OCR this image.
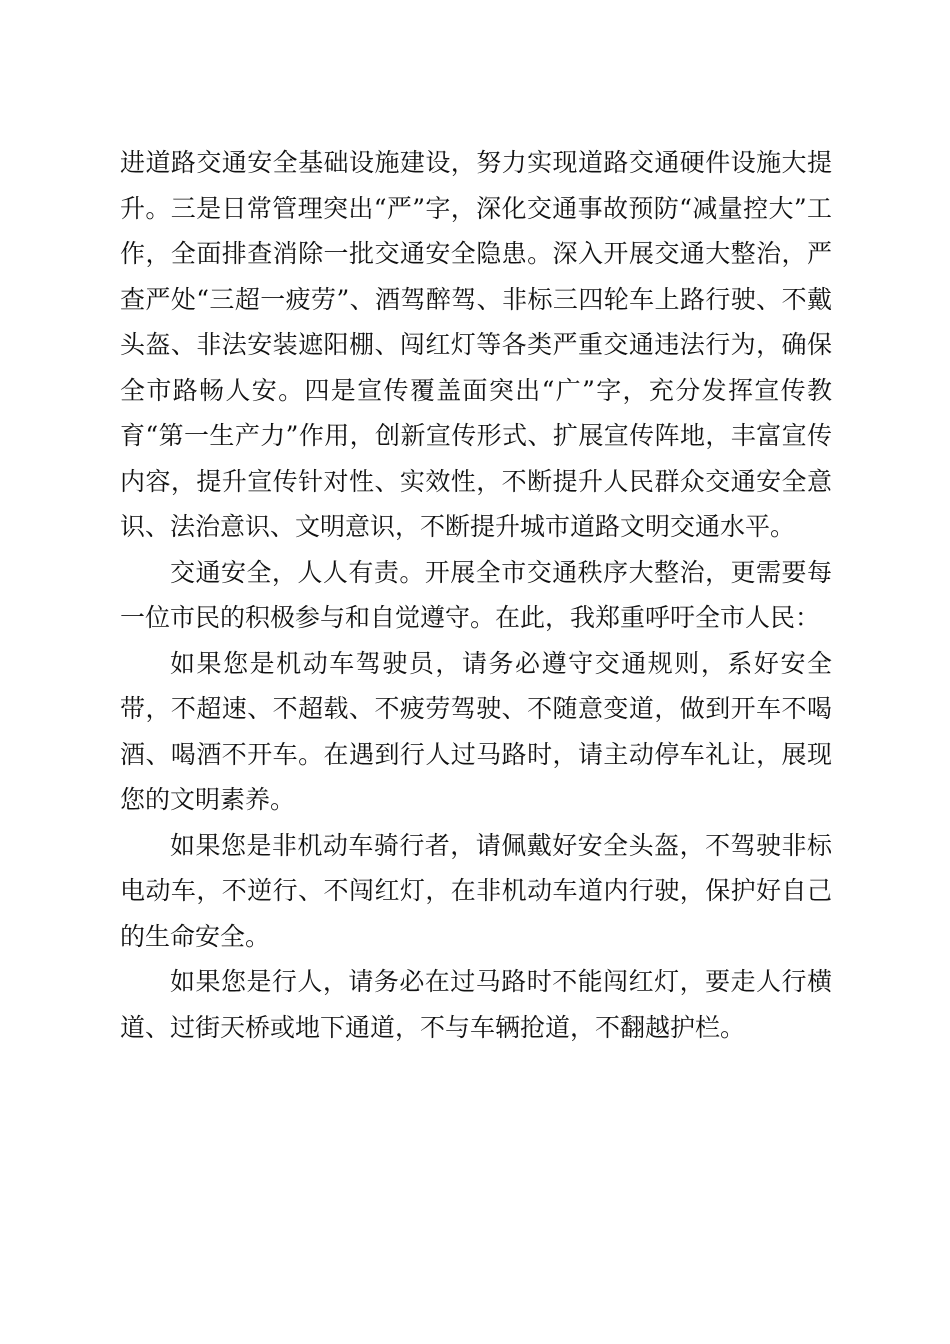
进道路交通安全基础设施建设，努力实现道路交通硬件设施大提升。三是日常管理突出“严”字，深化交通事故预防“减量控大”工作，全面排查消除一批交通安全隐患。深入开展交通大整治，严查严处“三超一疲劳”、酒驾醉驾、非标三四轮车上路行驶、不戴头盔、非法安装遮阳棚、闯红灯等各类严重交通违法行为，确保全市路畅人安。四是宣传覆盖面突出“广”字，充分发挥宣传教育“第一生产力”作用，创新宣传形式、扩展宣传阵地，丰富宣传内容，提升宣传针对性、实效性，不断提升人民群众交通安全意识、法治意识、文明意识，不断提升城市道路文明交通水平。

交通安全，人人有责。开展全市交通秩序大整治，更需要每一位市民的积极参与和自觉遵守。在此，我郑重呼吁全市人民：

如果您是机动车驾驶员，请务必遵守交通规则，系好安全带，不超速、不超载、不疲劳驾驶、不随意变道，做到开车不喝酒、喝酒不开车。在遇到行人过马路时，请主动停车礼让，展现您的文明素养。

如果您是非机动车骑行者，请佩戴好安全头盔，不驾驶非标电动车，不逆行、不闯红灯，在非机动车道内行驶，保护好自己的生命安全。

如果您是行人，请务必在过马路时不能闯红灯，要走人行横道、过街天桥或地下通道，不与车辆抢道，不翻越护栏。
